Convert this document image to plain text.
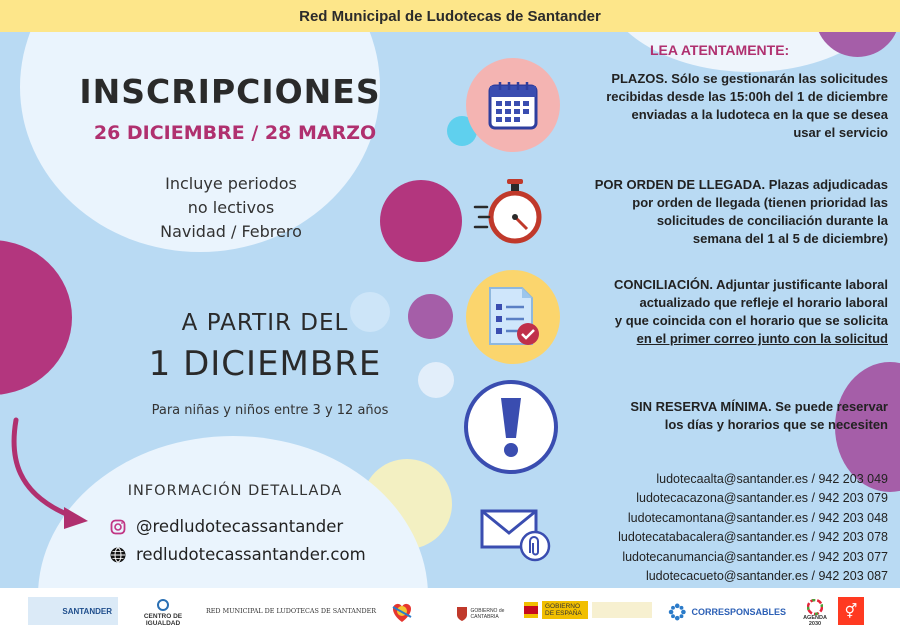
Red Municipal de Ludotecas de Santander
INSCRIPCIONES
26 DICIEMBRE / 28 MARZO
Incluye periodos
no lectivos
Navidad / Febrero
A PARTIR DEL
1 DICIEMBRE
Para niñas y niños entre 3 y 12 años
INFORMACIÓN DETALLADA
@redludotecassantander
redludotecassantander.com
LEA ATENTAMENTE:
PLAZOS. Sólo se gestionarán las solicitudes
recibidas desde las 15:00h del 1 de diciembre
enviadas a la ludoteca en la que se desea
usar el servicio
POR ORDEN DE LLEGADA. Plazas adjudicadas
por orden de llegada (tienen prioridad las
solicitudes de conciliación durante la
semana del 1 al 5 de diciembre)
CONCILIACIÓN. Adjuntar justificante laboral
actualizado que refleje el horario laboral
y que coincida con el horario que se solicita
en el primer correo junto con la solicitud
SIN RESERVA MÍNIMA. Se puede reservar
los días y horarios que se necesiten
ludotecaalta@santander.es / 942 203 049
ludotecacazona@santander.es / 942 203 079
ludotecamontana@santander.es / 942 203 048
ludotecatabacalera@santander.es / 942 203 078
ludotecanumancia@santander.es / 942 203 077
ludotecacueto@santander.es / 942 203 087
SANTANDER
CENTRO DE IGUALDAD
RED MUNICIPAL DE LUDOTECAS DE SANTANDER	GOBIERNO de CANTABRIA
GOBIERNO DE ESPAÑA	CORRESPONSABLES
AGENDA 2030
⚥
